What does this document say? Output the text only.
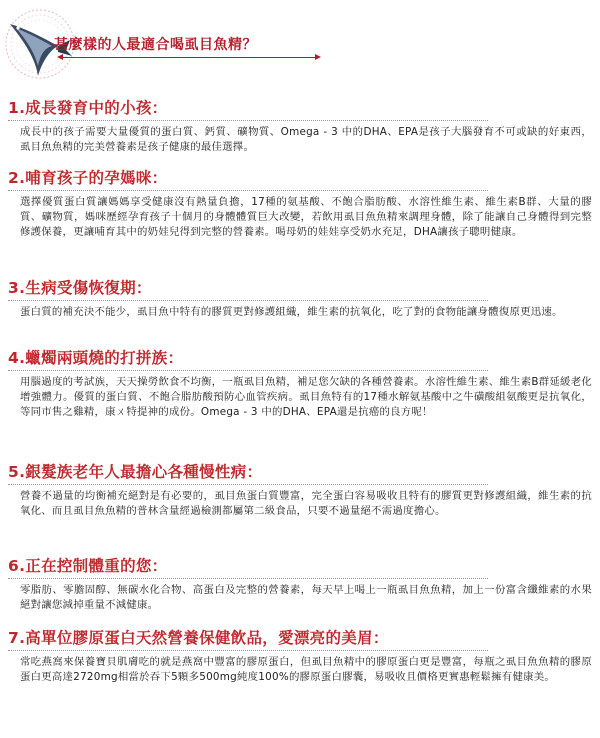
甚麼樣的人最適合喝虱目魚精？
1.成長發育中的小孩：
成長中的孩子需要大量優質的蛋白質、鈣質、礦物質、Omega - 3 中的DHA、EPA是孩子大腦發育不可或缺的好東西，虱目魚魚精的完美營養素是孩子健康的最佳選擇。
2.哺育孩子的孕媽咪：
選擇優質蛋白質讓媽媽享受健康沒有熱量負擔，17種的氨基酸、不飽合脂肪酸、水溶性維生素、維生素B群、大量的膠質、礦物質，媽咪歷經孕育孩子十個月的身體體質巨大改變，若飲用虱目魚魚精來調理身體，除了能讓自己身體得到完整修護保養，更讓哺育其中的奶娃兒得到完整的營養素。喝母奶的娃娃享受奶水充足，DHA讓孩子聰明健康。
3.生病受傷恢復期：
蛋白質的補充決不能少，虱目魚中特有的膠質更對修護組織，維生素的抗氧化，吃了對的食物能讓身體復原更迅速。
4.蠟燭兩頭燒的打拼族：
用腦過度的考試族，天天操勞飲食不均衡，一瓶虱目魚精，補足您欠缺的各種營養素。水溶性維生素、維生素B群延緩老化增強體力。優質的蛋白質、不飽合脂肪酸預防心血管疾病。虱目魚特有的17種水解氨基酸中之牛磺酸組氨酸更是抗氧化，等同市售之雞精，康ㄨ特提神的成份。Omega - 3 中的DHA、EPA還是抗癌的良方呢！
5.銀髮族老年人最擔心各種慢性病：
營養不過量的均衡補充絕對是有必要的，虱目魚蛋白質豐富，完全蛋白容易吸收且特有的膠質更對修護組織，維生素的抗氧化、而且虱目魚魚精的普林含量經過檢測都屬第二級食品，只要不過量絕不需過度擔心。
6.正在控制體重的您：
零脂肪、零膽固醇、無碳水化合物、高蛋白及完整的營養素，每天早上喝上一瓶虱目魚魚精，加上一份富含纖維素的水果絕對讓您減掉重量不減健康。
7.高單位膠原蛋白天然營養保健飲品，愛漂亮的美眉：
常吃燕窩來保養寶貝肌膚吃的就是燕窩中豐富的膠原蛋白，但虱目魚精中的膠原蛋白更是豐富，每瓶之虱目魚魚精的膠原蛋白更高達2720mg相當於吞下5顆多500mg純度100%的膠原蛋白膠囊，易吸收且價格更實惠輕鬆擁有健康美。
